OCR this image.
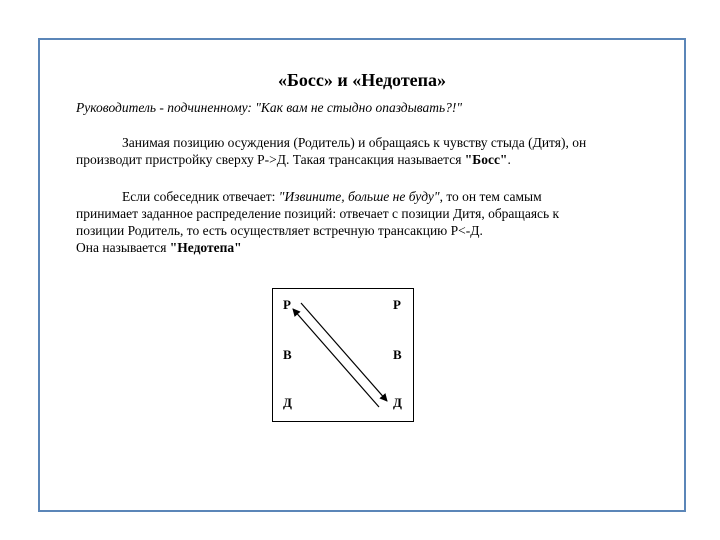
«Босс» и «Недотепа»
Руководитель - подчиненному: "Как вам не стыдно опаздывать?!"
Занимая позицию осуждения (Родитель) и обращаясь к чувству стыда (Дитя), он
производит пристройку сверху Р->Д. Такая трансакция называется "Босс".
Если собеседник отвечает: "Извините, больше не буду", то он тем самым
принимает заданное распределение позиций: отвечает с позиции Дитя, обращаясь к
позиции Родитель, то есть осуществляет встречную трансакцию Р<-Д.
Она называется "Недотепа"
Р
В
Д
Р
В
Д
